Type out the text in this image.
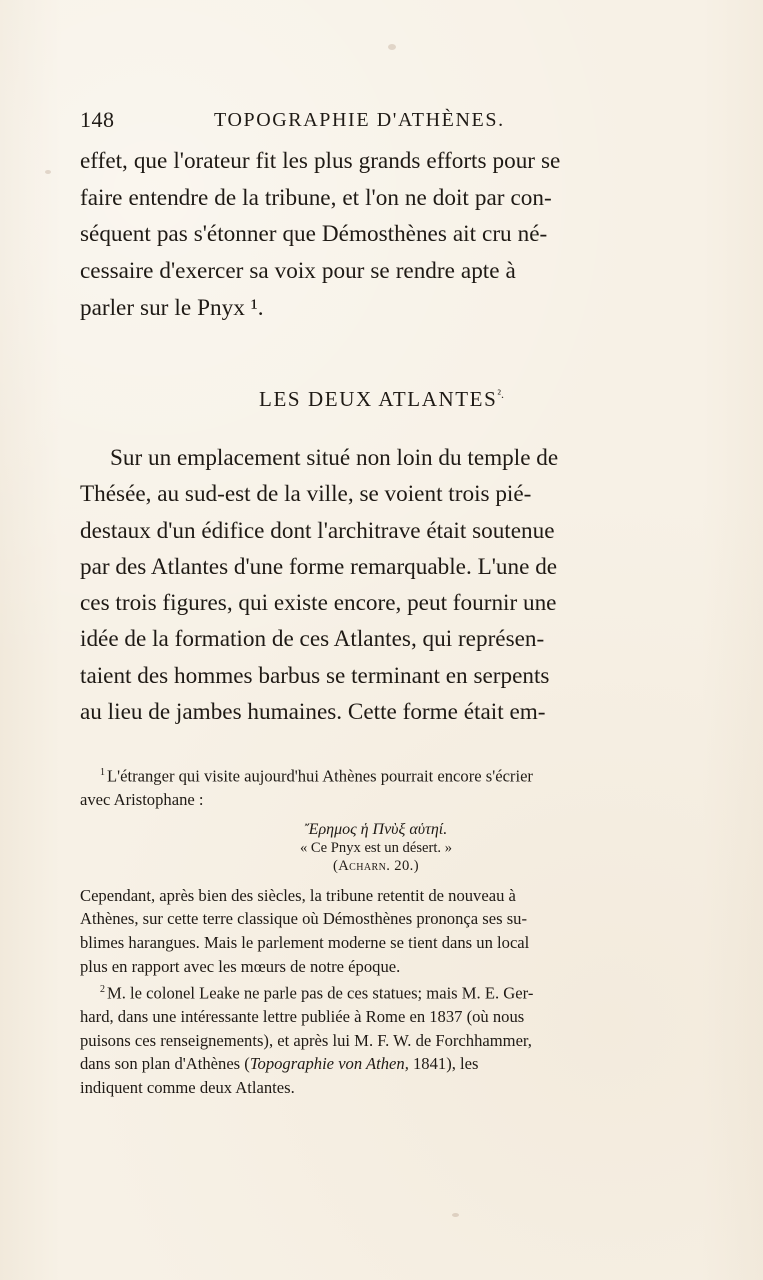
148	TOPOGRAPHIE D'ATHÈNES.

effet, que l'orateur fit les plus grands efforts pour se

faire entendre de la tribune, et l'on ne doit par con-

séquent pas s'étonner que Démosthènes ait cru né-

cessaire d'exercer sa voix pour se rendre apte à

parler sur le Pnyx ¹.

LES DEUX $ATLANTES^{^2.}$

Sur un emplacement situé non loin du temple de

Thésée, au sud-est de la ville, se voient trois pié-

destaux d'un édifice dont l'architrave était soutenue

par des Atlantes d'une forme remarquable. L'une de

ces trois figures, qui existe encore, peut fournir une

idée de la formation de ces Atlantes, qui représen-

taient des hommes barbus se terminant en serpents

au lieu de jambes humaines. Cette forme était em-

$^1$ L'étranger qui visite aujourd'hui Athènes pourrait encore s'écrier

avec Aristophane :

Ἔρημος ἡ Πνὺξ αὑτηί.
« Ce Pnyx est un désert. »
(Acharn. 20.)

Cependant, après bien des siècles, la tribune retentit de nouveau à

Athènes, sur cette terre classique où Démosthènes prononça ses su-

blimes harangues. Mais le parlement moderne se tient dans un local

plus en rapport avec les mœurs de notre époque.

$^2$ M. le colonel Leake ne parle pas de ces statues; mais M. E. Ger-

hard, dans une intéressante lettre publiée à Rome en 1837 (où nous

puisons ces renseignements), et après lui M. F. W. de Forchhammer,

dans son plan d'Athènes (Topographie von Athen, 1841), les

indiquent comme deux Atlantes.
